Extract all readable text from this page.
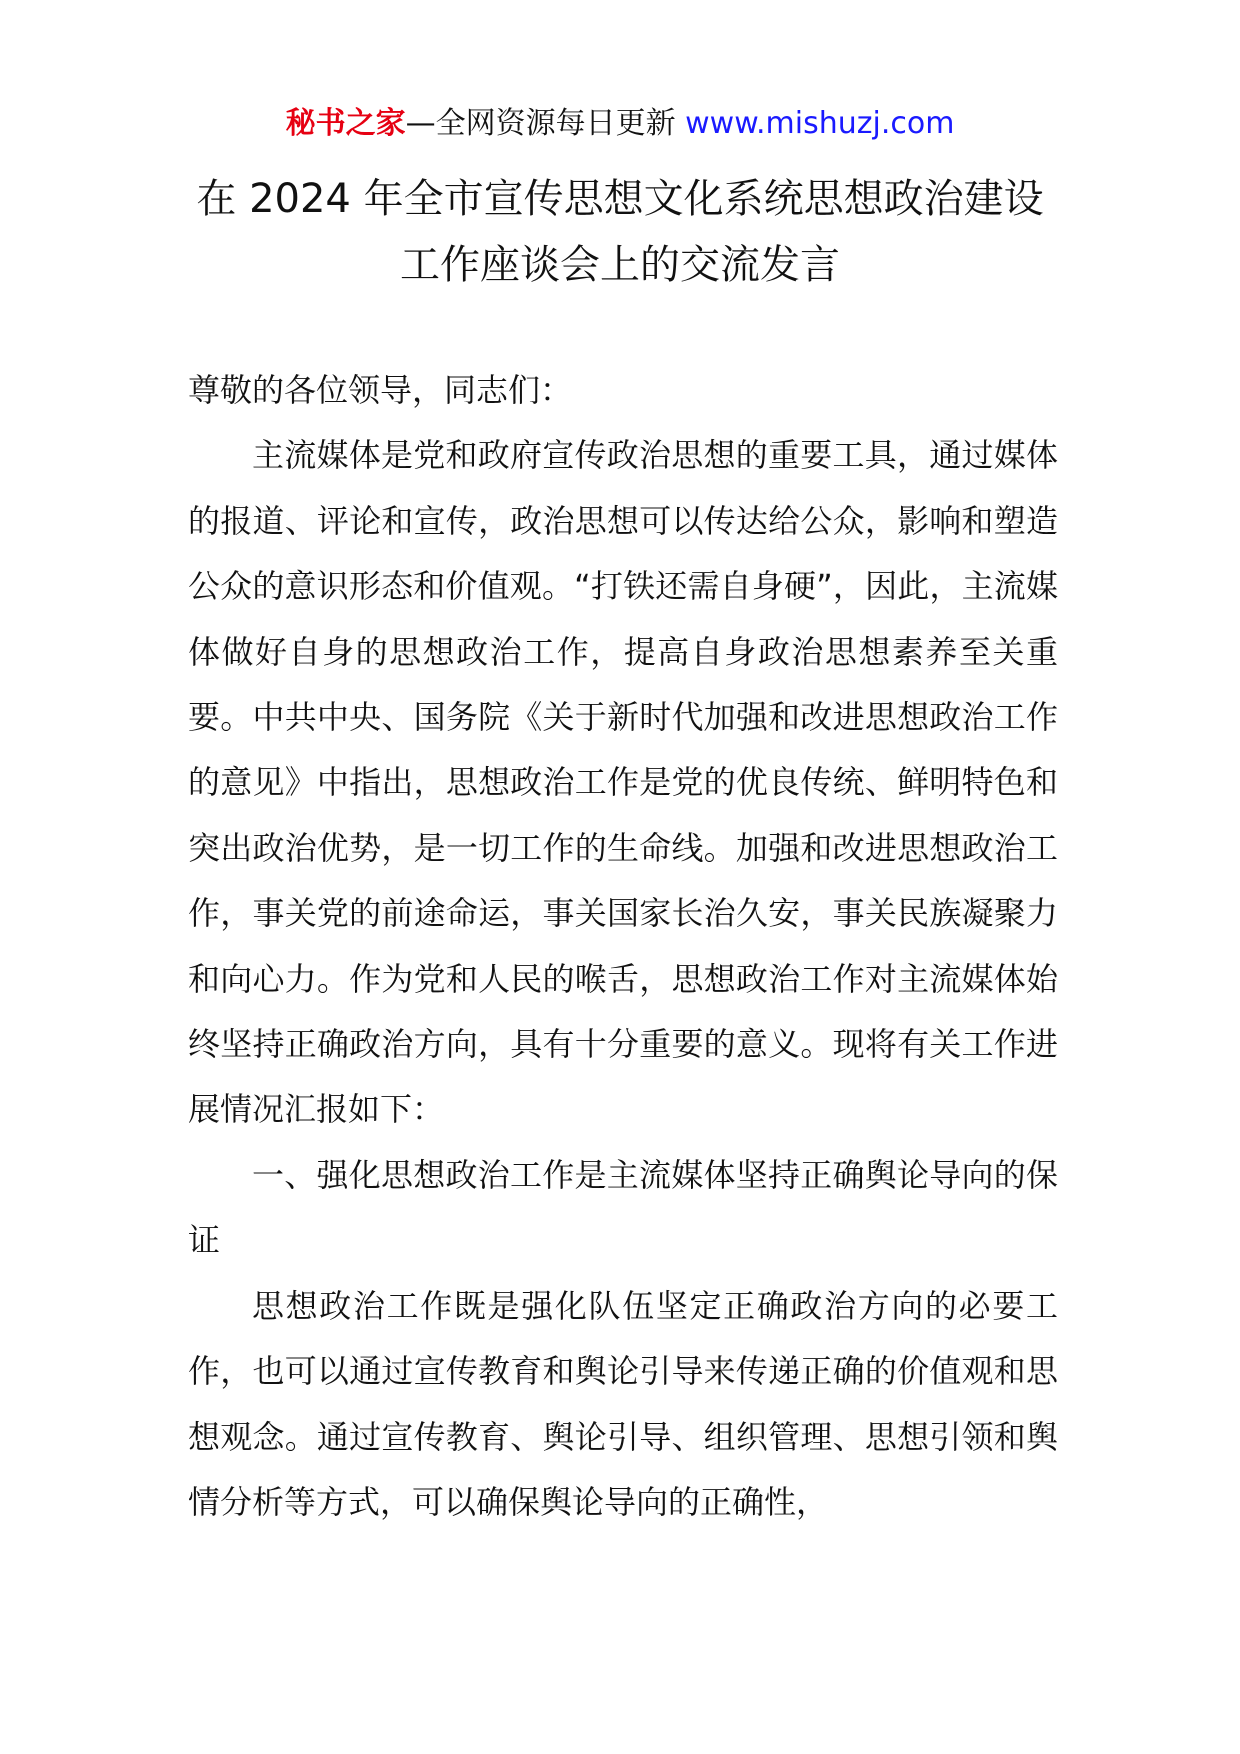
秘书之家—全网资源每日更新 www.mishuzj.com
在 2024 年全市宣传思想文化系统思想政治建设
工作座谈会上的交流发言

尊敬的各位领导，同志们：

主流媒体是党和政府宣传政治思想的重要工具，通过媒体的报道、评论和宣传，政治思想可以传达给公众，影响和塑造公众的意识形态和价值观。“打铁还需自身硬”，因此，主流媒体做好自身的思想政治工作，提高自身政治思想素养至关重要。中共中央、国务院《关于新时代加强和改进思想政治工作的意见》中指出，思想政治工作是党的优良传统、鲜明特色和突出政治优势，是一切工作的生命线。加强和改进思想政治工作，事关党的前途命运，事关国家长治久安，事关民族凝聚力和向心力。作为党和人民的喉舌，思想政治工作对主流媒体始终坚持正确政治方向，具有十分重要的意义。现将有关工作进展情况汇报如下：

一、强化思想政治工作是主流媒体坚持正确舆论导向的保证

思想政治工作既是强化队伍坚定正确政治方向的必要工作，也可以通过宣传教育和舆论引导来传递正确的价值观和思想观念。通过宣传教育、舆论引导、组织管理、思想引领和舆情分析等方式，可以确保舆论导向的正确性，
